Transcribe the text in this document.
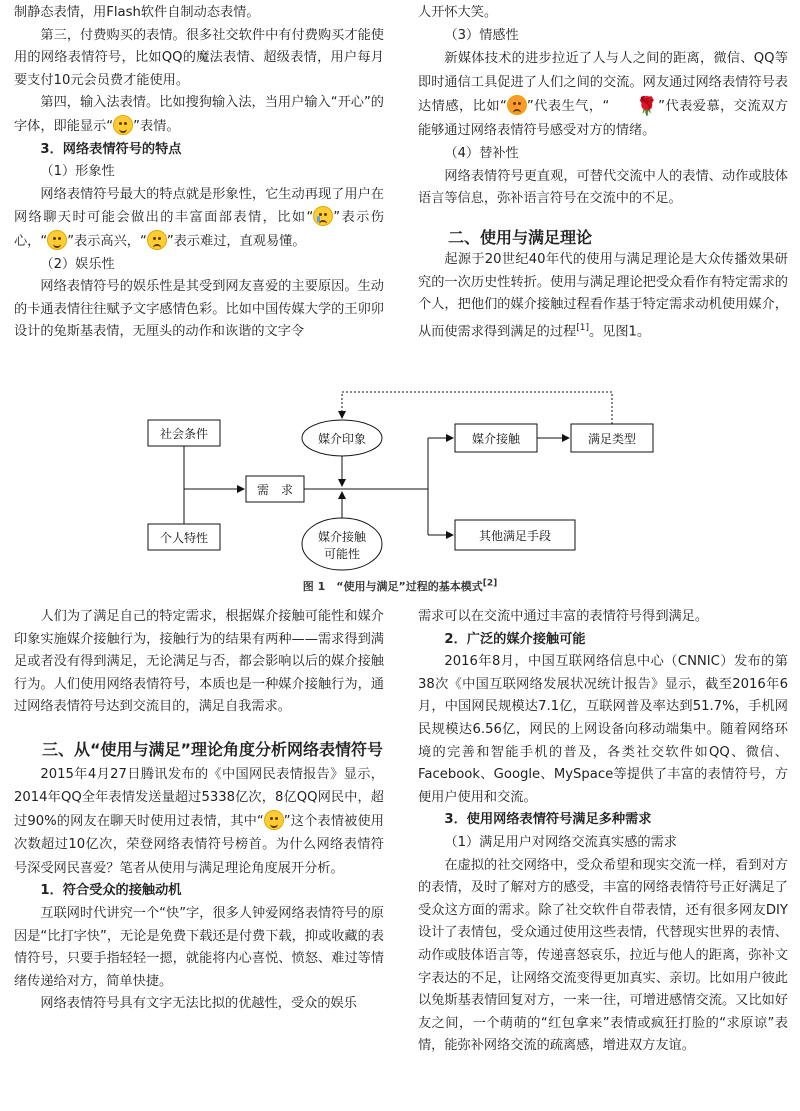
制静态表情，用Flash软件自制动态表情。

第三，付费购买的表情。很多社交软件中有付费购买才能使用的网络表情符号，比如QQ的魔法表情、超级表情，用户每月要支付10元会员费才能使用。

第四，输入法表情。比如搜狗输入法，当用户输入“开心”的字体，即能显示“ ”表情。

3．网络表情符号的特点

（1）形象性

网络表情符号最大的特点就是形象性，它生动再现了用户在网络聊天时可能会做出的丰富面部表情，比如“ ”表示伤心，“ ”表示高兴，“ ”表示难过，直观易懂。

（2）娱乐性

网络表情符号的娱乐性是其受到网友喜爱的主要原因。生动的卡通表情往往赋予文字感情色彩。比如中国传媒大学的王卯卯设计的兔斯基表情，无厘头的动作和诙谐的文字令

人开怀大笑。

（3）情感性

新媒体技术的进步拉近了人与人之间的距离，微信、QQ等即时通信工具促进了人们之间的交流。网友通过网络表情符号表达情感，比如“ ”代表生气，“ 🌹”代表爱慕，交流双方能够通过网络表情符号感受对方的情绪。

（4）替补性

网络表情符号更直观，可替代交流中人的表情、动作或肢体语言等信息，弥补语言符号在交流中的不足。

二、使用与满足理论

起源于20世纪40年代的使用与满足理论是大众传播效果研究的一次历史性转折。使用与满足理论把受众看作有特定需求的个人，把他们的媒介接触过程看作基于特定需求动机使用媒介，从而使需求得到满足的过程[1]。见图1。

社会条件
个人特性
需　求
媒介接触	满足类型
其他满足手段
媒介印象
媒介接触
可能性
图 1　“使用与满足”过程的基本模式[2]

人们为了满足自己的特定需求，根据媒介接触可能性和媒介印象实施媒介接触行为，接触行为的结果有两种——需求得到满足或者没有得到满足，无论满足与否，都会影响以后的媒介接触行为。人们使用网络表情符号，本质也是一种媒介接触行为，通过网络表情符号达到交流目的，满足自我需求。

三、从“使用与满足”理论角度分析网络表情符号

2015年4月27日腾讯发布的《中国网民表情报告》显示，2014年QQ全年表情发送量超过5338亿次，8亿QQ网民中，超过90%的网友在聊天时使用过表情，其中“ ”这个表情被使用次数超过10亿次，荣登网络表情符号榜首。为什么网络表情符号深受网民喜爱？笔者从使用与满足理论角度展开分析。

1．符合受众的接触动机

互联网时代讲究一个“快”字，很多人钟爱网络表情符号的原因是“比打字快”，无论是免费下载还是付费下载，抑或收藏的表情符号，只要手指轻轻一摁，就能将内心喜悦、愤怒、难过等情绪传递给对方，简单快捷。

网络表情符号具有文字无法比拟的优越性，受众的娱乐

需求可以在交流中通过丰富的表情符号得到满足。

2．广泛的媒介接触可能

2016年8月，中国互联网络信息中心（CNNIC）发布的第38次《中国互联网络发展状况统计报告》显示，截至2016年6月，中国网民规模达7.1亿，互联网普及率达到51.7%，手机网民规模达6.56亿，网民的上网设备向移动端集中。随着网络环境的完善和智能手机的普及，各类社交软件如QQ、微信、Facebook、Google、MySpace等提供了丰富的表情符号，方便用户使用和交流。

3．使用网络表情符号满足多种需求

（1）满足用户对网络交流真实感的需求

在虚拟的社交网络中，受众希望和现实交流一样，看到对方的表情，及时了解对方的感受，丰富的网络表情符号正好满足了受众这方面的需求。除了社交软件自带表情，还有很多网友DIY设计了表情包，受众通过使用这些表情，代替现实世界的表情、动作或肢体语言等，传递喜怒哀乐，拉近与他人的距离，弥补文字表达的不足，让网络交流变得更加真实、亲切。比如用户彼此以兔斯基表情回复对方，一来一往，可增进感情交流。又比如好友之间，一个萌萌的“红包拿来”表情或疯狂打脸的“求原谅”表情，能弥补网络交流的疏离感，增进双方友谊。
